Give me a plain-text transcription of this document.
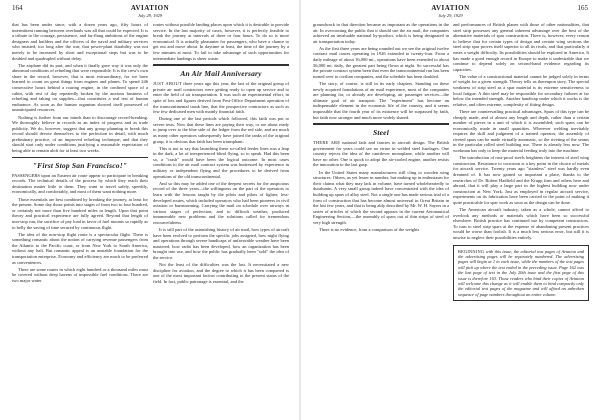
164	AVIATION
July 29, 1929

that has been under since, with a dozen years ago, fifty hours of intermittent running between overhauls was all that could be expected. It is a tribute to the courage, persistence, and far-flung ambitions of the engine designers and builders and the officers of the naval and military services who insisted, too long after the war, that power-plant durability was not merely to be increased by short and exceptional steps but was to be doubled and quadrupled without delay.

The airplane did its part, and when it finally gave way it was only the abnormal conditions of refueling that were responsible. It is the crew's own share in the record, however, that is most extraordinary, for we have learned to count on great things from engines and planes. To spend 246 consecutive hours behind a roaring engine, in the confined space of a cabin, with rest of day repeatedly broken by the anxious business of refueling and taking on supplies—that constitutes a real test of human endurance. As soon as the human organism showed itself possessed of unanticipated resources.

Nothing is further from our minds than to discourage record-breaking. We thoroughly believe in records as an index of progress and as trade publicity. We do, however, suggest that any group planning to break this record should devote themselves to the perfection in detail, with much preliminary practice, of an improved refueling technique, and that they should start only under conditions justifying a reasonable expectation of being able to remain aloft for at least two weeks.

"First Stop San Francisco!"

PASSENGERS upon an Eastern air route appear to participate in breaking records. The technical details of the process by which they reach their destination matter little to them. They want to travel safely, speedily, economically, and comfortably, and most of them want nothing more.

Those essentials are best combined by breaking the journey, at least for the present. Some day those points into stages of from two to four hundred, or certainly not more than five hundred miles in length. Upon that point theory and practical experience are fully agreed. Beyond that length of non-stop run, the sacrifice of pay load in favor of fuel mounts so rapidly as to belly the saving of time secured by continuous flight.

The idea of the non-stop flight route is a spectacular flight. There is something romantic about the notion of carrying revenue passengers from the Atlantic to the Pacific coast, or from New York to South America, without any halt. But romantic appeal is an unstable foundation for the transportation enterprise. Economy and efficiency are much to be preferred as conveniences.

There are some routes in which eight hundred or a thousand miles must be covered without deep havens of impossible fuel conditions. There are two major water

routes without possible landing places upon which it is desirable to provide service. In the last majority of cases, however, it is perfectly feasible to break the journey at intervals of three or four hours. To do so is more economical. It is actually pleasanter for passengers, who have a chance to get out and move about. In daytime at least, the time of the journey by a few minutes at most. To fail to take advantage of such opportunities for intermediate landings is sheer waste.

An Air Mail Anniversary

JUST ABOUT three years ago this year, the last of the original group of private air mail contractors were getting ready to open up service and to enter the field of air transportation. It was such an experimental effort, in spite of lots and figures derived from Post-Office Department operation of the transcontinental trunk line, that the prospective contractors as such as few few dedicated men with mainly financial faith.

During one of the last periods which followed, this faith was put to severe tests. Now that these lines are paying their way, or are about ready to jump over to the blue side of the ledger from the red side, and are much as many other operators subsequently have joined the ranks of the original group, it is obvious that faith has been triumphant.

This is not to say that launching these so-called feeder lines was a leap in the dark, a lot of inexperienced blind flying, so to speak. Had this been so, a "crash" would have been the logical outcome. In most cases conditions to the air mail contract system was buttressed by experience in military or independent flying and the procedures to be derived from operations of the old transcontinental.

And so this may be added one of the deepest secrets for the auspicious record of the three years—the willingness on the part of the operators to learn with the lessons taught by the pilots and pilots of lighter, less-developed routes, which included operators who had been pioneers in civil aviation or barnstorming. Carrying the mail on schedule over airways in various stages of perfection, and to difficult weather, produced innumerable new problems and the solutions called for tremendous resourcefulness.

It is still part of the astonishing history of air mail, how types of aircraft have been evolved to perform the specific jobs assigned, how night flying and operations through severe handicaps of unfavorable weather have been mastered, how radio has been developed, how an organization has been brought into use, and how the public has gradually been "sold" the idea of the service.

Not the least of the difficulties was the last. It necessitated a new discipline for aviation, and the degree to which it has been conquered is one of the most important factors contributing to the present status of the field. In fact, public patronage is essential, and the

165
AVIATION
July 29, 1929

groundwork in that direction became as important as the operations in the air. In overcoming the public that it should use the air mail, the companies achieved an invaluable national by-product, which is being designated in air transportation today.

As the first three years are being rounded out we see the original twelve contract mail routes operating in 1926 extended to twenty-four. From a daily mileage of about 16,000 mi., operations have been extended to about 36,000 mi. daily, the greatest part being flown at night. So successful has the private contract system been that even the transcontinental run has been turned over to civilian companies, and the schedule has been doubled.

The story, of course, is still in its early chapters. Standing on these newly acquired foundations of air mail experience, most of the companies are planning for, or already are developing, air passenger services—the ultimate goal of air transport. The "experiment" has become an indispensable element in the economic life of the country, and it seems impossible that the fourth year of its existence will be surpassed by faith, but faith now stronger and much more widely shared.

Steel

THERE ARE national fads and fancies in aircraft design. The British government for years could see no virtue in welded steel fuselages. One country rejects the idea of the cantilever monoplane, while another will have no other. One is quick to adopt the air-cooled engine, another resists the innovation to the last gasp.

In the United States many manufacturers still cling to wooden wing structures. Others, as yet lesser in number, but making up in enthusiasm for their claims what they may lack in volume, have turned wholeheartedly to duralumin. A very small group indeed have concentrated with the idea of building up spars of alloy steel. Not a single one has made serious trial of a form of construction that has become almost universal in Great Britain in the last few years, and that is being ably described by Mr. W. H. Sayers in a series of articles of which the second appears in the current Aeronautical Engineering Section,—the assembly of spars out of thin strips of steel of very high strength.

There is no evidence, from a comparison of the weights

and performances of British planes with those of other nationalities, that steel strip possesses any general inherent advantage over the best of the alternative materials of spar construction. There is, however, every reason to believe that for certain types of design and certain wing sections the steel strip spar proves itself superior to all its rivals, and that particularly it eases a weight difficulty. Its possibilities should be explored in America. It has made a good enough record in Europe to make it undesirable that we continue to depend solely on second-hand evidence regarding its capacities.

The value of a constructional material cannot be judged solely in terms of weight for a given strength. Theory tells us thereupon story. The special weakness of strip steel as a spar material is its extreme sensitiveness to local fatigue. A thin steel may be responsible for secondary failures at far below the intended strength. Another handicap under which it works is the relative, and often extreme, complexity of fitting design.

There are countervailing practical advantages. Spars of this type can be cheaply made, and of almost any length and depth, rather than a certain number of pieces in a unit of which it is assembled; such spars can be economically made in small quantities. Wherever welding inevitably requires the skill and judgment of a trained operator, the assembly of riveted spars can be made virtually automatic, so the riveting of the seams in the particular rolled steel building use. There is already less now. The workman has only to keep the material feeding truly into the machine.

The introduction of rust-proof steels heightens the interest of steel wing construction. Resistance to corrosion is a key point in the choice of metals for aircraft service. Twenty years ago "stainless" steel was hardly even dreamed of. It has now gained so important a place, thanks to the researches of Dr. Robert Hadfield and the Krupp firm and others here and abroad, that it will play a large part in the highest building now under construction at New York. Just as employed in regular aircraft service, experiments on its fabrication have been carried to the point of making it quite practicable for spar work as soon as the design can be done.

The American aircraft industry, taken as a whole, cannot afford to overlook any methods or materials which have been so successful elsewhere. British practice has continued use by competent constructors. To turn to steel strip spars at the expense of abandoning present practices would be worse than foolish. It is a much less serious error, but still it is unwise to neglect their possibilities entirely.

BEGINNING with this issue, the editorial text pages of Aviation and the advertising pages will be separately numbered. The advertising pages will begin at 1 in each issue, while the numbers of the text pages will pick up where the text ended in the preceding issue. Page 162 was the last page of text in the July 20th issue and the first page of this issue is therefore 163. Those readers who bind their copies of Aviation will welcome this change as it will enable them to bind compactly only the editorial text pages of the magazine and will afford an unbroken sequence of page numbers throughout an entire volume.
